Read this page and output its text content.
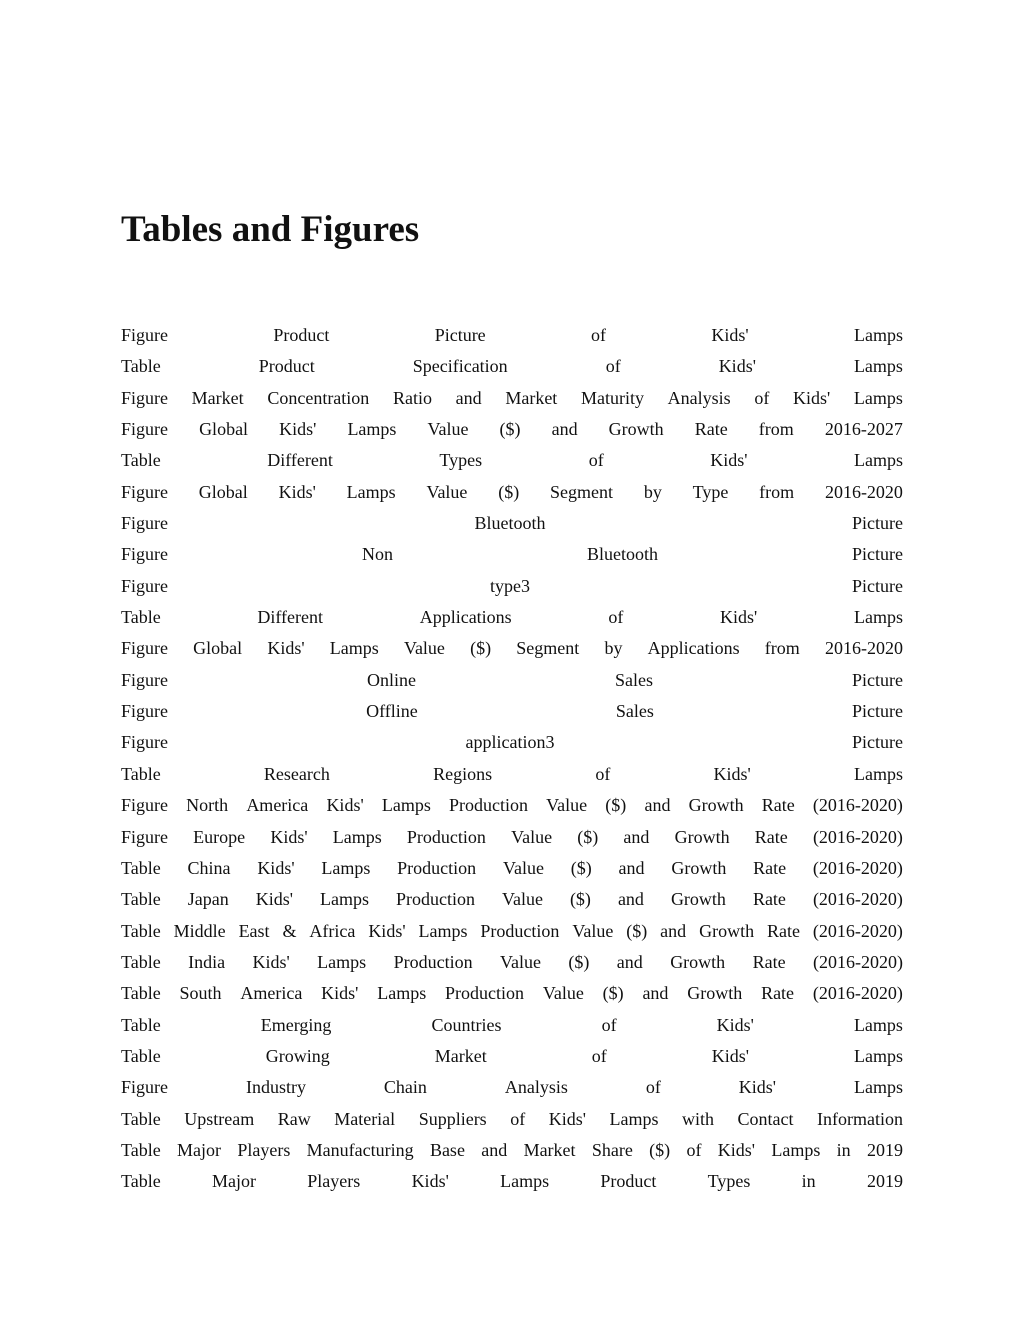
Tables and Figures
Figure	Product	Picture	of	Kids'	Lamps
Table	Product	Specification	of	Kids'	Lamps
Figure Market Concentration Ratio and Market Maturity Analysis of Kids' Lamps
Figure Global Kids' Lamps Value ($) and Growth Rate from 2016-2027
Table	Different	Types	of	Kids'	Lamps
Figure Global Kids' Lamps Value ($) Segment by Type from 2016-2020
Figure	Bluetooth	Picture
Figure	Non	Bluetooth	Picture
Figure	type3	Picture
Table	Different	Applications	of	Kids'	Lamps
Figure Global Kids' Lamps Value ($) Segment by Applications from 2016-2020
Figure	Online	Sales	Picture
Figure	Offline	Sales	Picture
Figure	application3	Picture
Table	Research	Regions	of	Kids'	Lamps
Figure North America Kids' Lamps Production Value ($) and Growth Rate (2016-2020)
Figure Europe Kids' Lamps Production Value ($) and Growth Rate (2016-2020)
Table China Kids' Lamps Production Value ($) and Growth Rate (2016-2020)
Table Japan Kids' Lamps Production Value ($) and Growth Rate (2016-2020)
Table Middle East & Africa Kids' Lamps Production Value ($) and Growth Rate (2016-2020)
Table India Kids' Lamps Production Value ($) and Growth Rate (2016-2020)
Table South America Kids' Lamps Production Value ($) and Growth Rate (2016-2020)
Table	Emerging	Countries	of	Kids'	Lamps
Table	Growing	Market	of	Kids'	Lamps
Figure	Industry	Chain	Analysis	of	Kids'	Lamps
Table Upstream Raw Material Suppliers of Kids' Lamps with Contact Information
Table Major Players Manufacturing Base and Market Share ($) of Kids' Lamps in 2019
Table	Major	Players	Kids'	Lamps	Product	Types	in	2019
